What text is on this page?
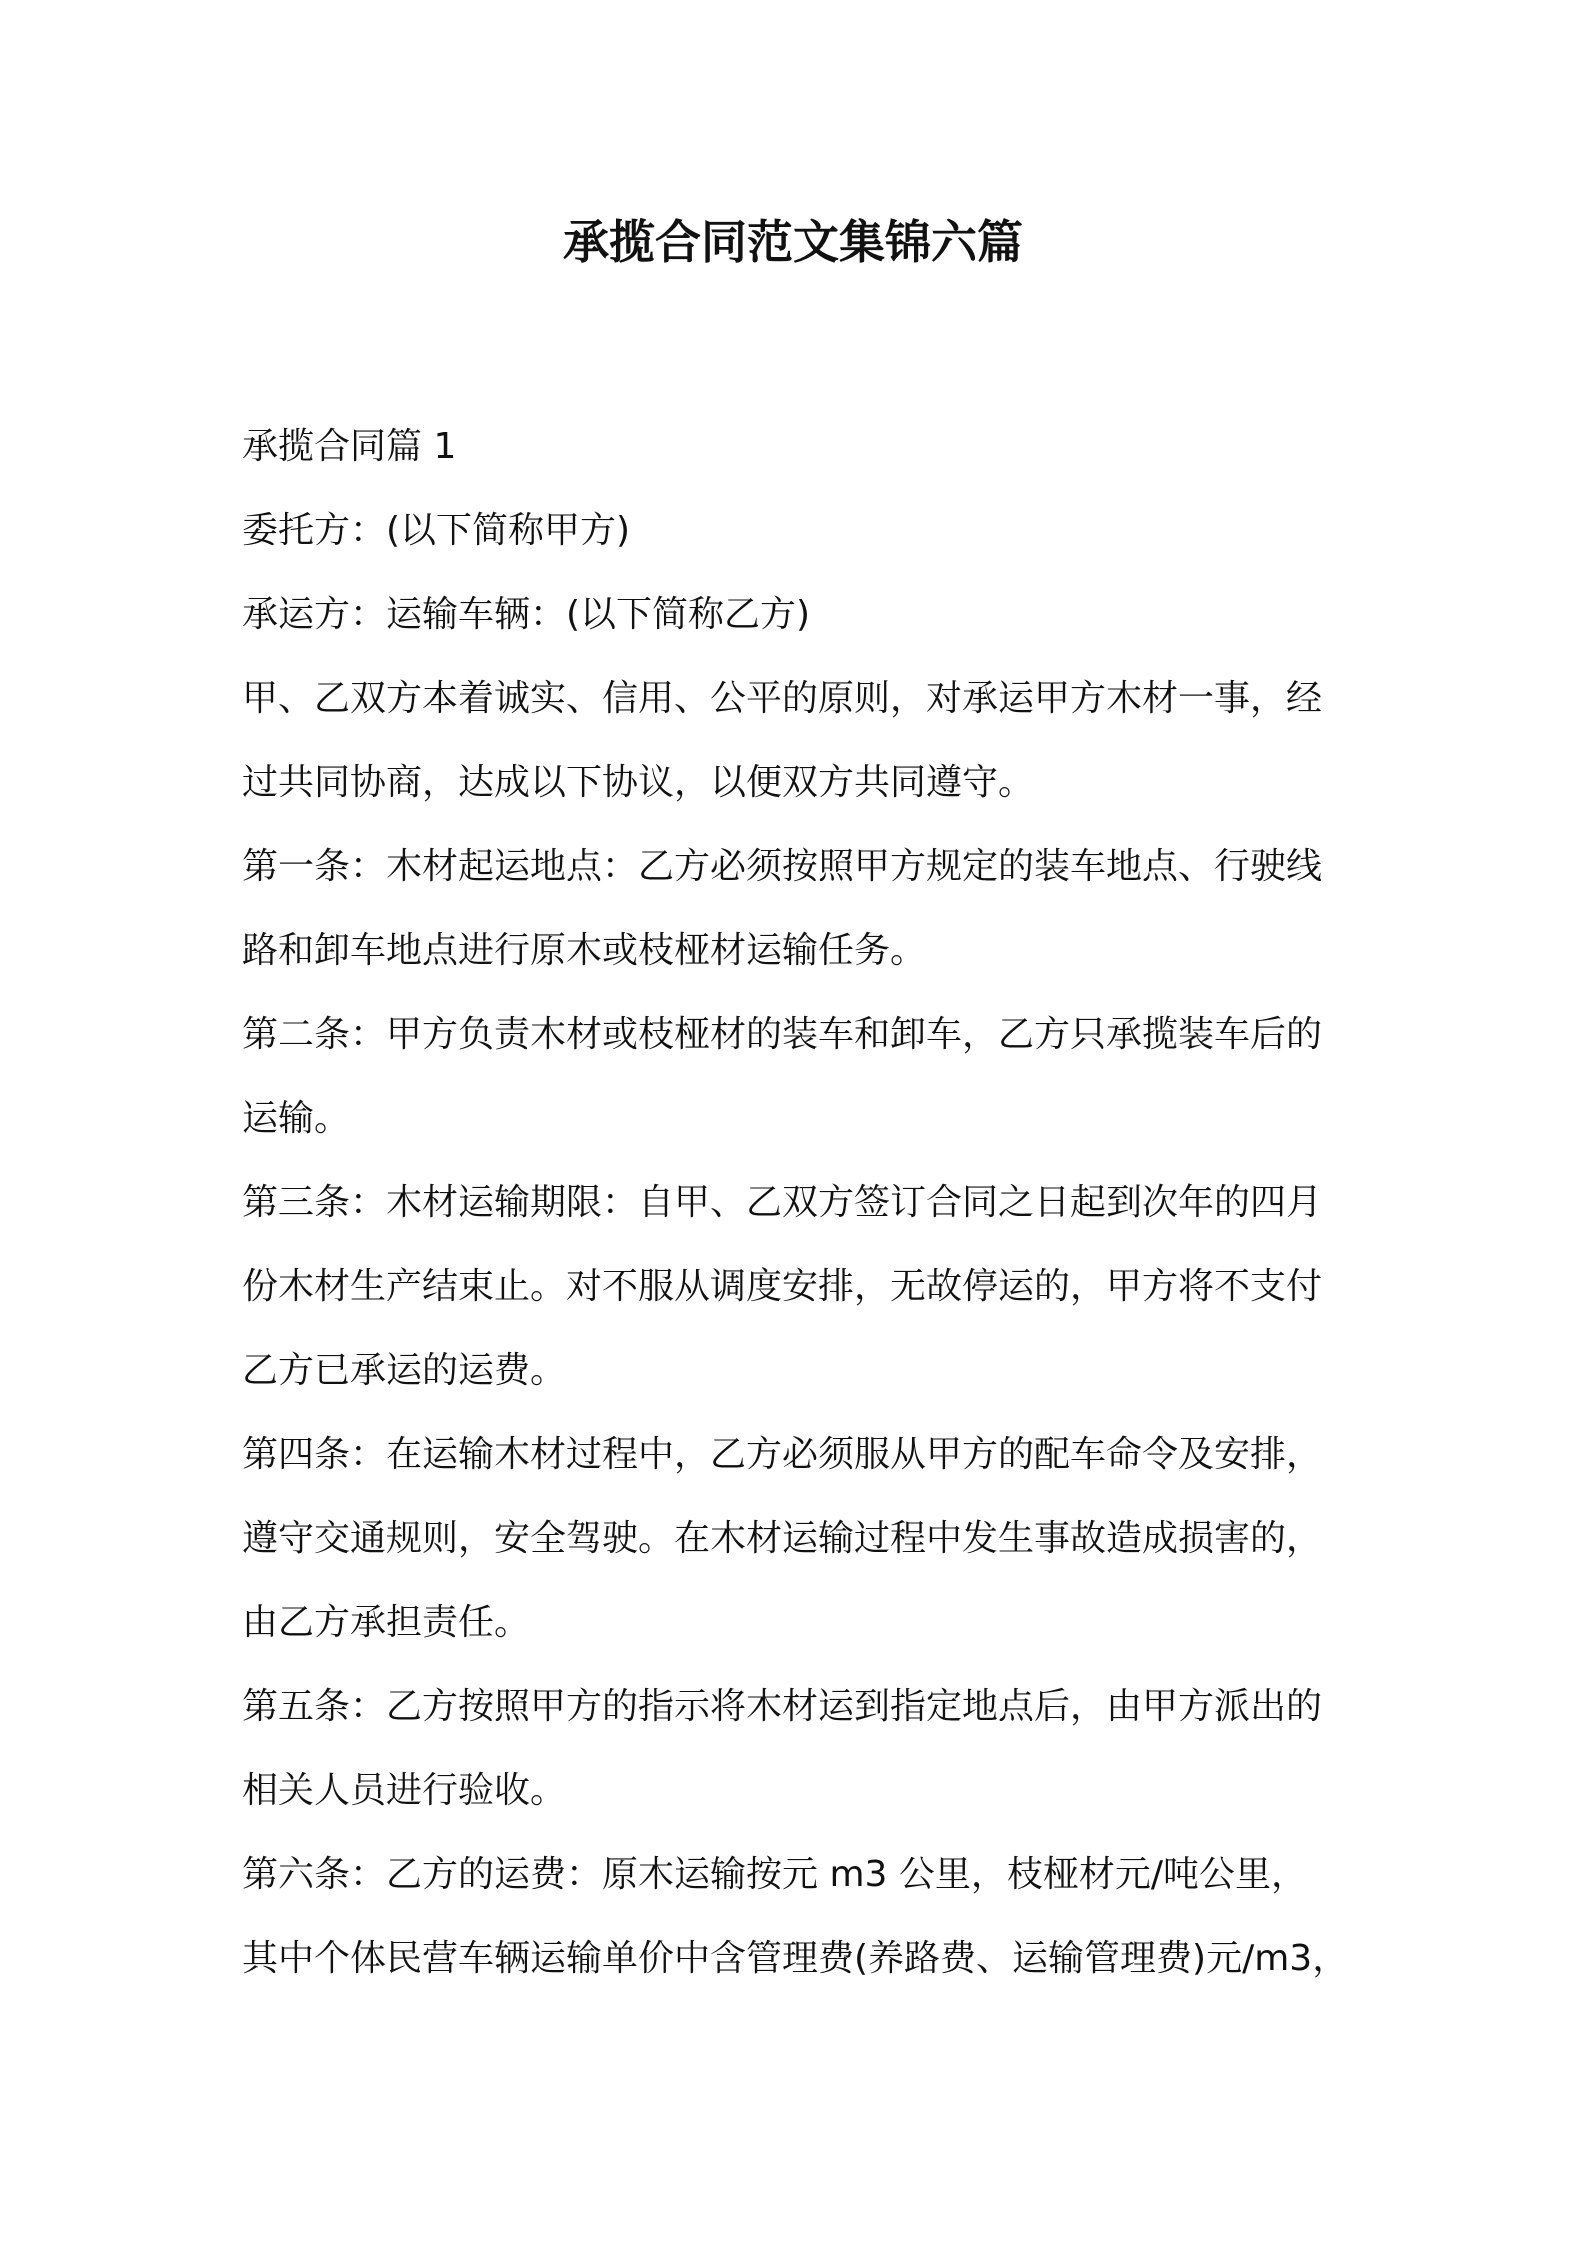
承揽合同范文集锦六篇
承揽合同篇 1
委托方：(以下简称甲方)
承运方：运输车辆：(以下简称乙方)
甲、乙双方本着诚实、信用、公平的原则，对承运甲方木材一事，经
过共同协商，达成以下协议，以便双方共同遵守。
第一条：木材起运地点：乙方必须按照甲方规定的装车地点、行驶线
路和卸车地点进行原木或枝桠材运输任务。
第二条：甲方负责木材或枝桠材的装车和卸车，乙方只承揽装车后的
运输。
第三条：木材运输期限：自甲、乙双方签订合同之日起到次年的四月
份木材生产结束止。对不服从调度安排，无故停运的，甲方将不支付
乙方已承运的运费。
第四条：在运输木材过程中，乙方必须服从甲方的配车命令及安排，
遵守交通规则，安全驾驶。在木材运输过程中发生事故造成损害的，
由乙方承担责任。
第五条：乙方按照甲方的指示将木材运到指定地点后，由甲方派出的
相关人员进行验收。
第六条：乙方的运费：原木运输按元 m3 公里，枝桠材元/吨公里，
其中个体民营车辆运输单价中含管理费(养路费、运输管理费)元/m3，
